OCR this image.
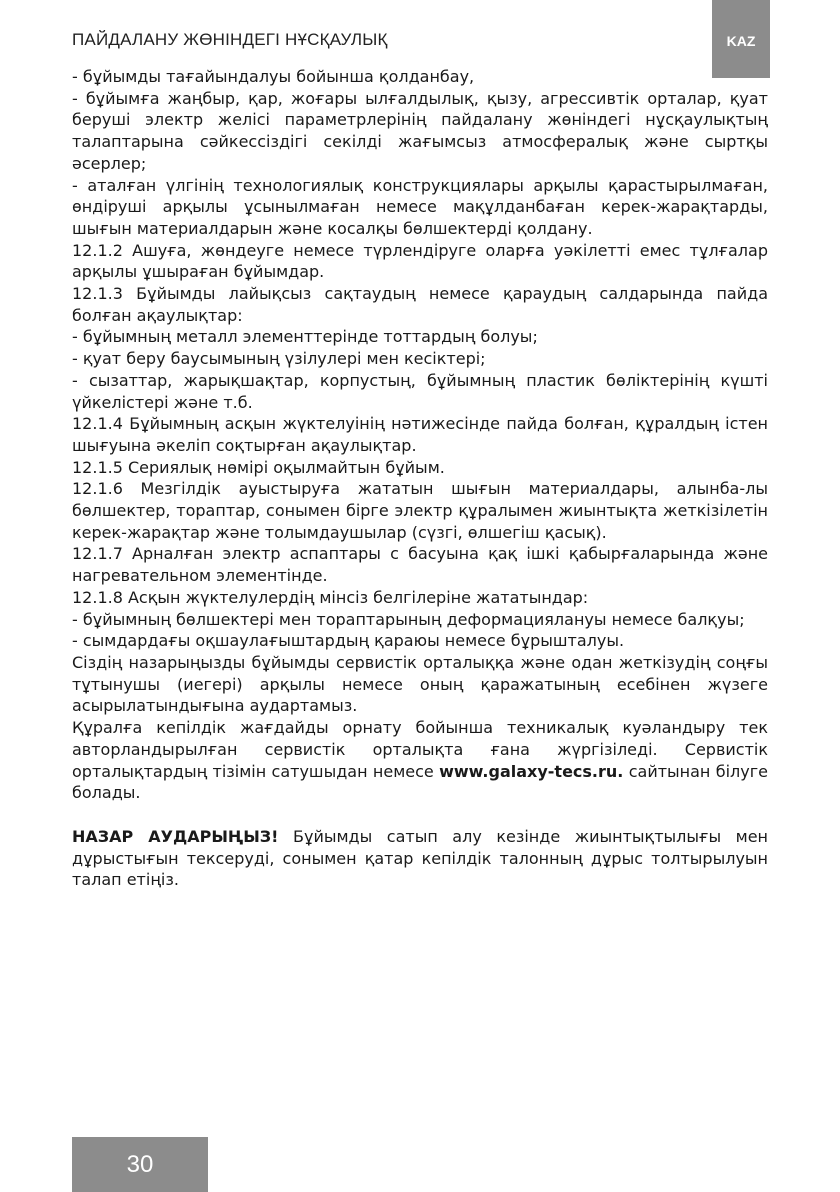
ПАЙДАЛАНУ ЖӨНІНДЕГІ НҰСҚАУЛЫҚ	KAZ

- бұйымды тағайындалуы бойынша қолданбау,

- бұйымға жаңбыр, қар, жоғары ылғалдылық, қызу, агрессивтік орталар, қуат беруші электр желісі параметрлерінің пайдалану жөніндегі нұсқаулықтың талаптарына сәйкессіздігі секілді жағымсыз атмосфералық және сыртқы әсерлер;

- аталған үлгінің технологиялық конструкциялары арқылы қарастырылмаған, өндіруші арқылы ұсынылмаған немесе мақұлданбаған керек-жарақтарды, шығын материалдарын және косалқы бөлшектерді қолдану.

12.1.2 Ашуға, жөндеуге немесе түрлендіруге оларға уәкілетті емес тұлғалар арқылы ұшыраған бұйымдар.

12.1.3 Бұйымды лайықсыз сақтаудың немесе қараудың салдарында пайда болған ақаулықтар:

- бұйымның металл элементтерінде тоттардың болуы;

- қуат беру баусымының үзілулері мен кесіктері;

- сызаттар, жарықшақтар, корпустың, бұйымның пластик бөліктерінің күшті үйкелістері және т.б.

12.1.4 Бұйымның асқын жүктелуінің нәтижесінде пайда болған, құралдың істен шығуына әкеліп соқтырған ақаулықтар.

12.1.5 Сериялық нөмірі оқылмайтын бұйым.

12.1.6 Мезгілдік ауыстыруға жататын шығын материалдары, алынба-лы бөлшектер, тораптар, сонымен бірге электр құралымен жиынтықта жеткізілетін керек-жарақтар және толымдаушылар (сүзгі, өлшегіш қасық).

12.1.7 Арналған электр аспаптары с басуына қақ ішкі қабырғаларында және нагревательном элементінде.

12.1.8 Асқын жүктелулердің мінсіз белгілеріне жататындар:

- бұйымның бөлшектері мен тораптарының деформациялануы немесе балқуы;

- сымдардағы оқшаулағыштардың қараюы немесе бұрышталуы.

Сіздің назарыңызды бұйымды сервистік орталыққа және одан жеткізудің соңғы тұтынушы (иегері) арқылы немесе оның қаражатының есебінен жүзеге асырылатындығына аудартамыз.

Құралға кепілдік жағдайды орнату бойынша техникалық куәландыру тек авторландырылған сервистік орталықта ғана жүргізіледі. Сервистік орталықтардың тізімін сатушыдан немесе www.galaxy-tecs.ru. сайтынан білуге болады.

НАЗАР АУДАРЫҢЫЗ! Бұйымды сатып алу кезінде жиынтықтылығы мен дұрыстығын тексеруді, сонымен қатар кепілдік талонның дұрыс толтырылуын талап етіңіз.

30
